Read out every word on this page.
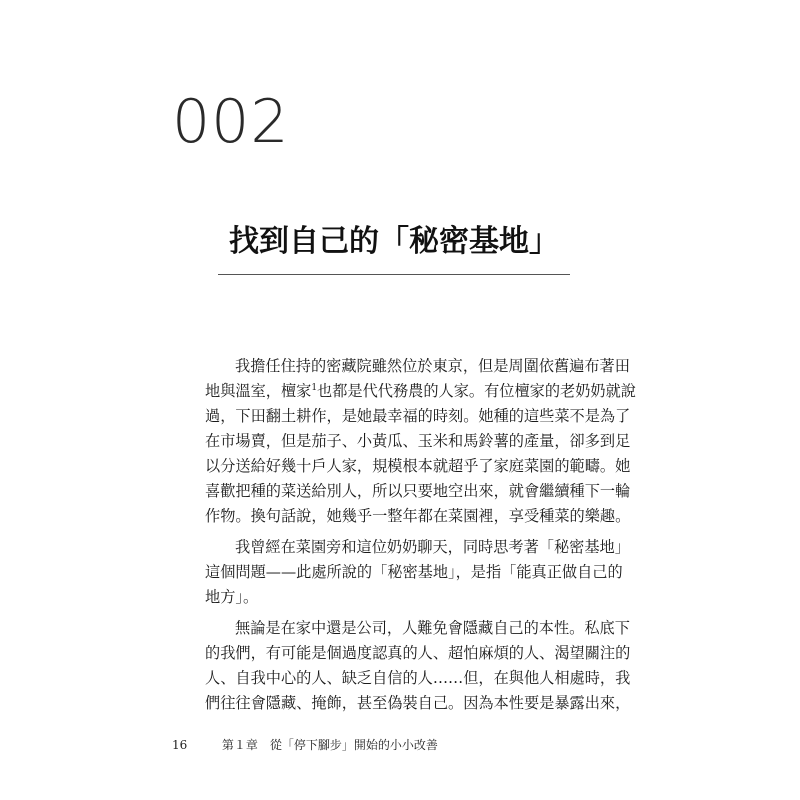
002
找到自己的「秘密基地」
我擔任住持的密藏院雖然位於東京，但是周圍依舊遍布著田
地與溫室，檀家$^1$也都是代代務農的人家。有位檀家的老奶奶就說
過，下田翻土耕作，是她最幸福的時刻。她種的這些菜不是為了
在市場賣，但是茄子、小黃瓜、玉米和馬鈴薯的產量，卻多到足
以分送給好幾十戶人家，規模根本就超乎了家庭菜園的範疇。她
喜歡把種的菜送給別人，所以只要地空出來，就會繼續種下一輪
作物。換句話說，她幾乎一整年都在菜園裡，享受種菜的樂趣。
我曾經在菜園旁和這位奶奶聊天，同時思考著「秘密基地」
這個問題——此處所說的「秘密基地」，是指「能真正做自己的
地方」。
無論是在家中還是公司，人難免會隱藏自己的本性。私底下
的我們，有可能是個過度認真的人、超怕麻煩的人、渴望關注的
人、自我中心的人、缺乏自信的人……但，在與他人相處時，我
們往往會隱藏、掩飾，甚至偽裝自己。因為本性要是暴露出來，
16	第１章　從「停下腳步」開始的小小改善
